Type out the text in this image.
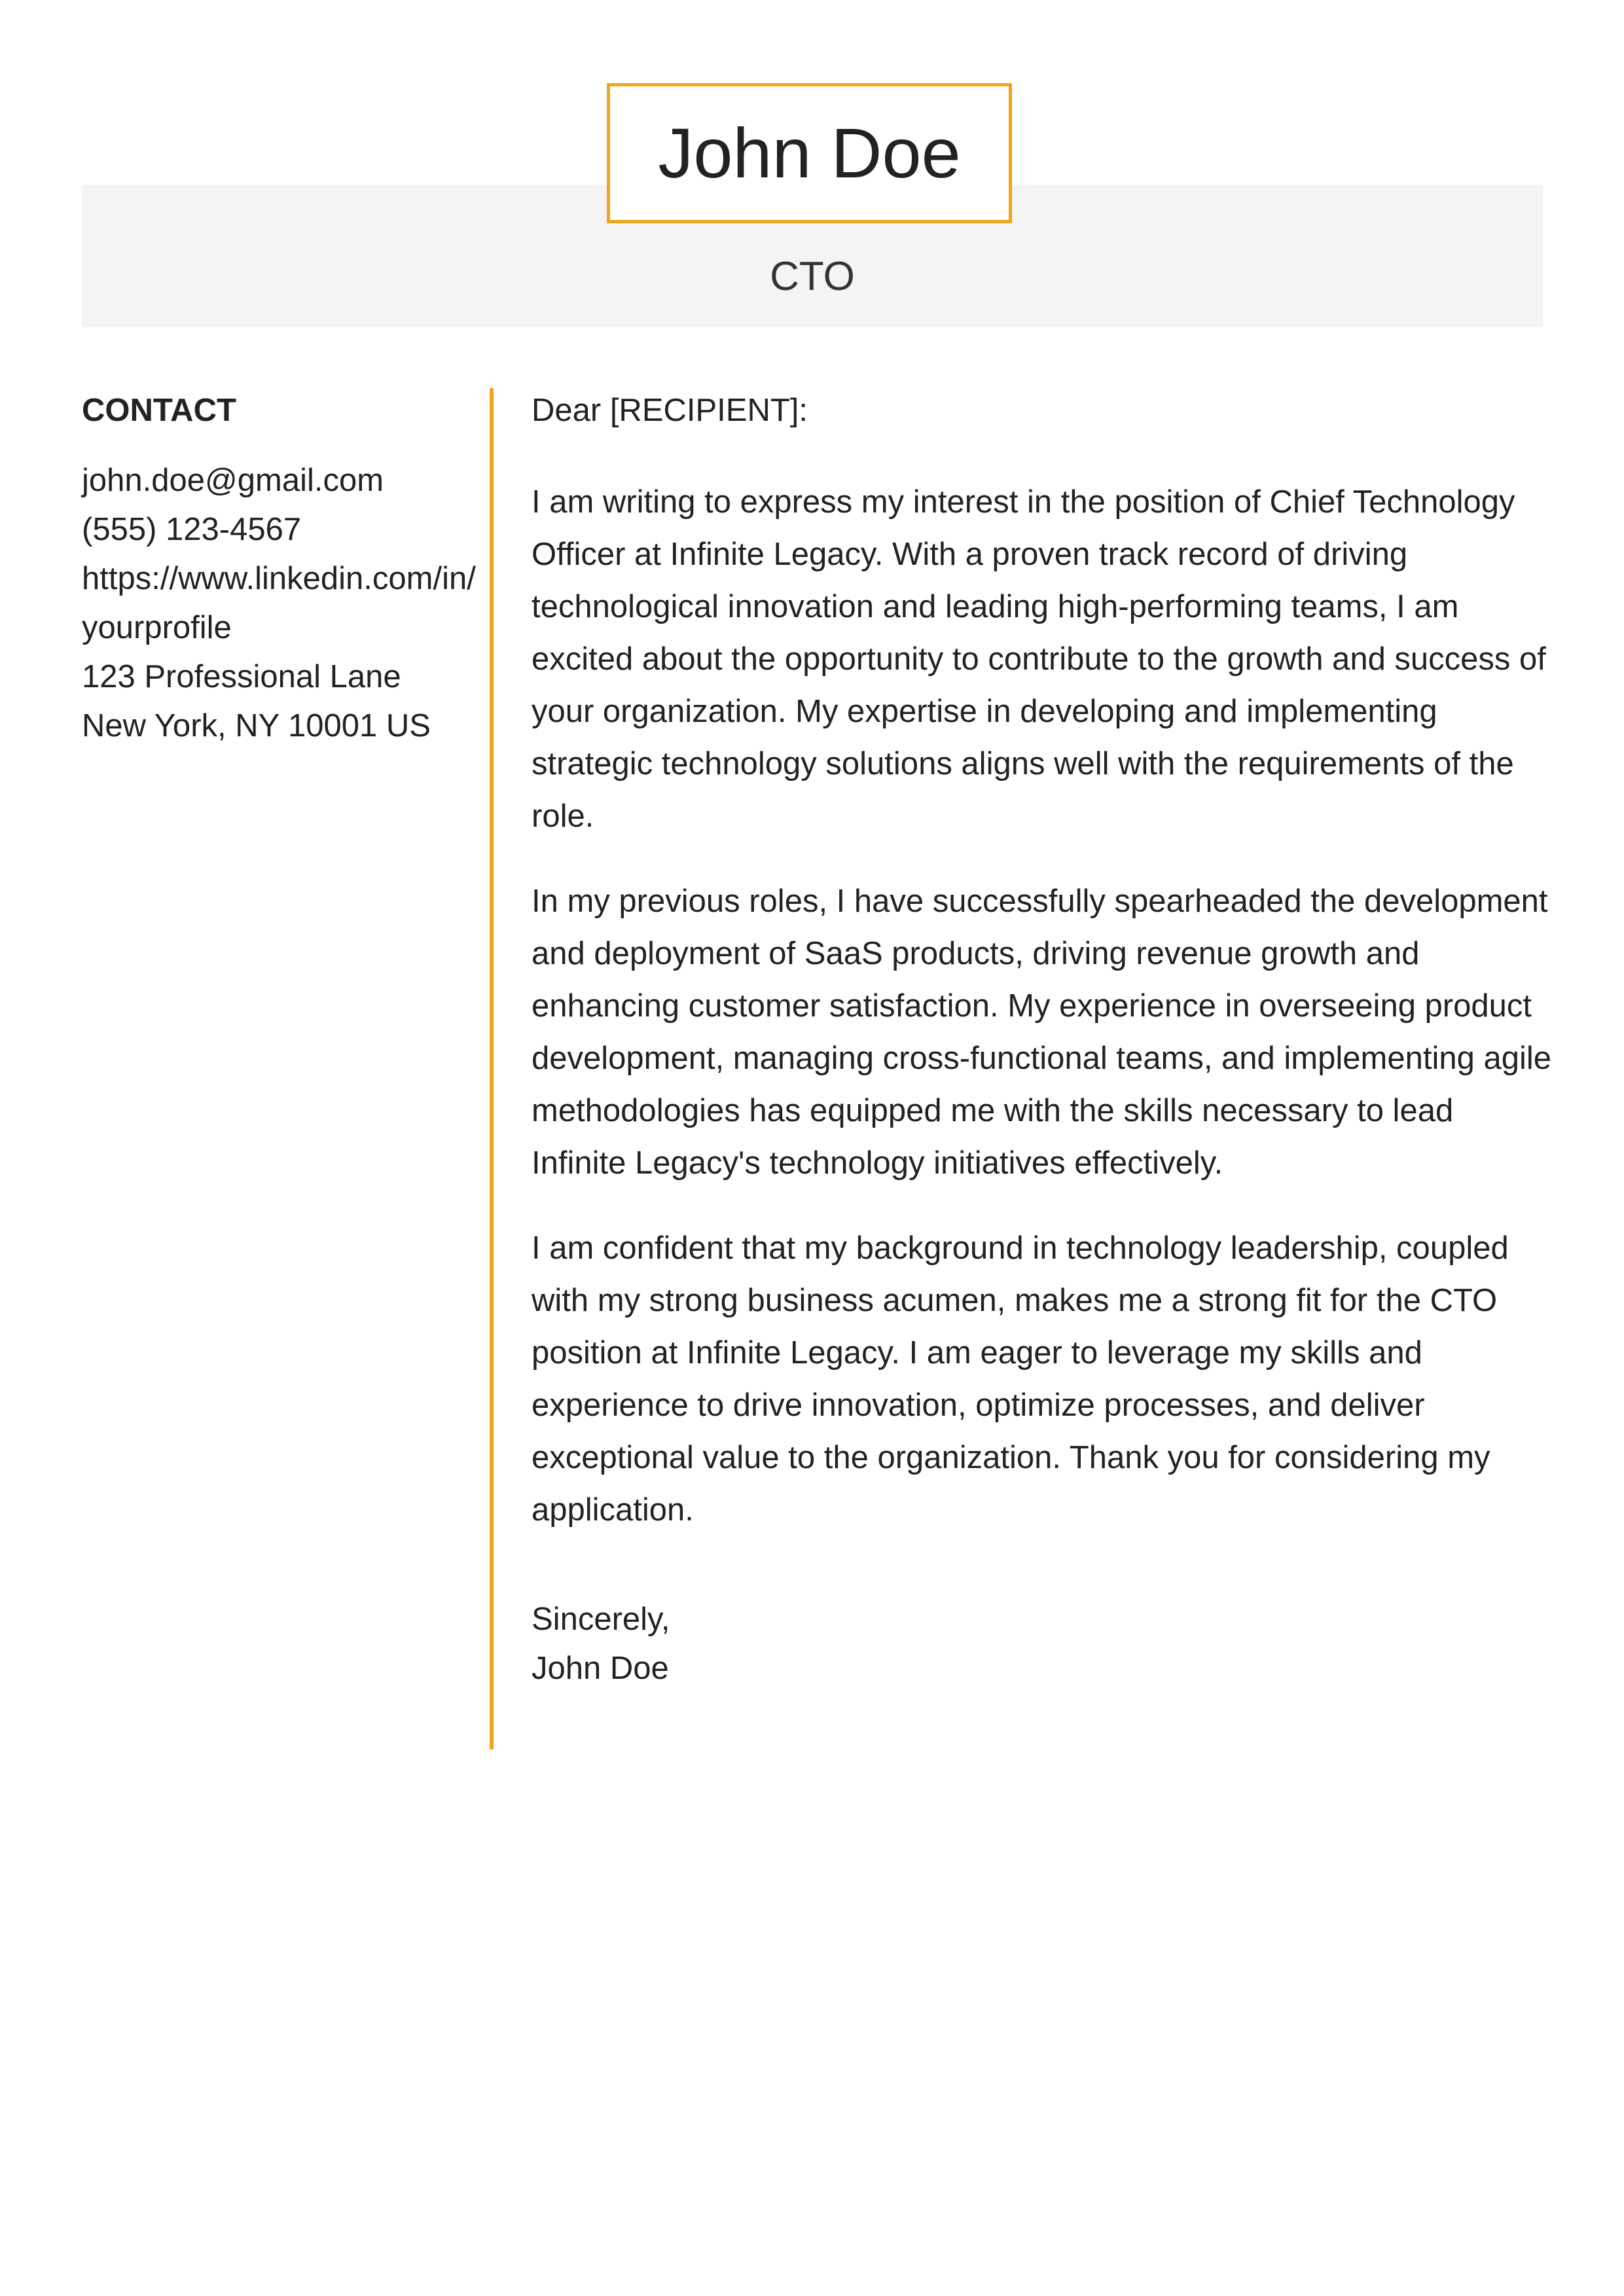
John Doe
CTO
CONTACT
john.doe@gmail.com
(555) 123-4567
https://www.linkedin.com/in/
yourprofile
123 Professional Lane
New York, NY 10001 US
Dear [RECIPIENT]:

I am writing to express my interest in the position of Chief Technology Officer at Infinite Legacy. With a proven track record of driving technological innovation and leading high-performing teams, I am excited about the opportunity to contribute to the growth and success of your organization. My expertise in developing and implementing strategic technology solutions aligns well with the requirements of the role.

In my previous roles, I have successfully spearheaded the development and deployment of SaaS products, driving revenue growth and enhancing customer satisfaction. My experience in overseeing product development, managing cross-functional teams, and implementing agile methodologies has equipped me with the skills necessary to lead Infinite Legacy's technology initiatives effectively.

I am confident that my background in technology leadership, coupled with my strong business acumen, makes me a strong fit for the CTO position at Infinite Legacy. I am eager to leverage my skills and experience to drive innovation, optimize processes, and deliver exceptional value to the organization. Thank you for considering my application.

Sincerely,
John Doe
